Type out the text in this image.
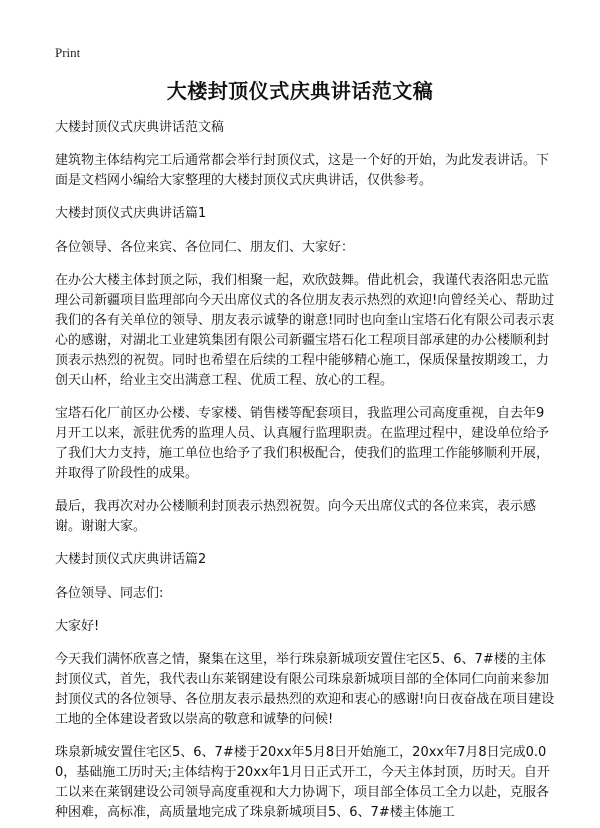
Print
大楼封顶仪式庆典讲话范文稿

大楼封顶仪式庆典讲话范文稿

建筑物主体结构完工后通常都会举行封顶仪式，这是一个好的开始，为此发表讲话。下面是文档网小编给大家整理的大楼封顶仪式庆典讲话，仅供参考。

大楼封顶仪式庆典讲话篇1

各位领导、各位来宾、各位同仁、朋友们、大家好：

在办公大楼主体封顶之际，我们相聚一起，欢欣鼓舞。借此机会，我谨代表洛阳忠元监理公司新疆项目监理部向今天出席仪式的各位朋友表示热烈的欢迎!向曾经关心、帮助过我们的各有关单位的领导、朋友表示诚挚的谢意!同时也向奎山宝塔石化有限公司表示衷心的感谢，对湖北工业建筑集团有限公司新疆宝塔石化工程项目部承建的办公楼顺利封顶表示热烈的祝贺。同时也希望在后续的工程中能够精心施工，保质保量按期竣工，力创天山杯，给业主交出满意工程、优质工程、放心的工程。

宝塔石化厂前区办公楼、专家楼、销售楼等配套项目，我监理公司高度重视，自去年9月开工以来，派驻优秀的监理人员、认真履行监理职责。在监理过程中，建设单位给予了我们大力支持，施工单位也给予了我们积极配合，使我们的监理工作能够顺利开展，并取得了阶段性的成果。

最后，我再次对办公楼顺利封顶表示热烈祝贺。向今天出席仪式的各位来宾，表示感谢。谢谢大家。

大楼封顶仪式庆典讲话篇2

各位领导、同志们:

大家好!

今天我们满怀欣喜之情，聚集在这里，举行珠泉新城项安置住宅区5、6、7#楼的主体封顶仪式，首先，我代表山东莱钢建设有限公司珠泉新城项目部的全体同仁向前来参加封顶仪式的各位领导、各位朋友表示最热烈的欢迎和衷心的感谢!向日夜奋战在项目建设工地的全体建设者致以崇高的敬意和诚挚的问候!

珠泉新城安置住宅区5、6、7#楼于20xx年5月8日开始施工，20xx年7月8日完成0.00，基础施工历时天;主体结构于20xx年1月日正式开工，今天主体封顶，历时天。自开工以来在莱钢建设公司领导高度重视和大力协调下，项目部全体员工全力以赴，克服各种困难，高标准，高质量地完成了珠泉新城项目5、6、7#楼主体施工
